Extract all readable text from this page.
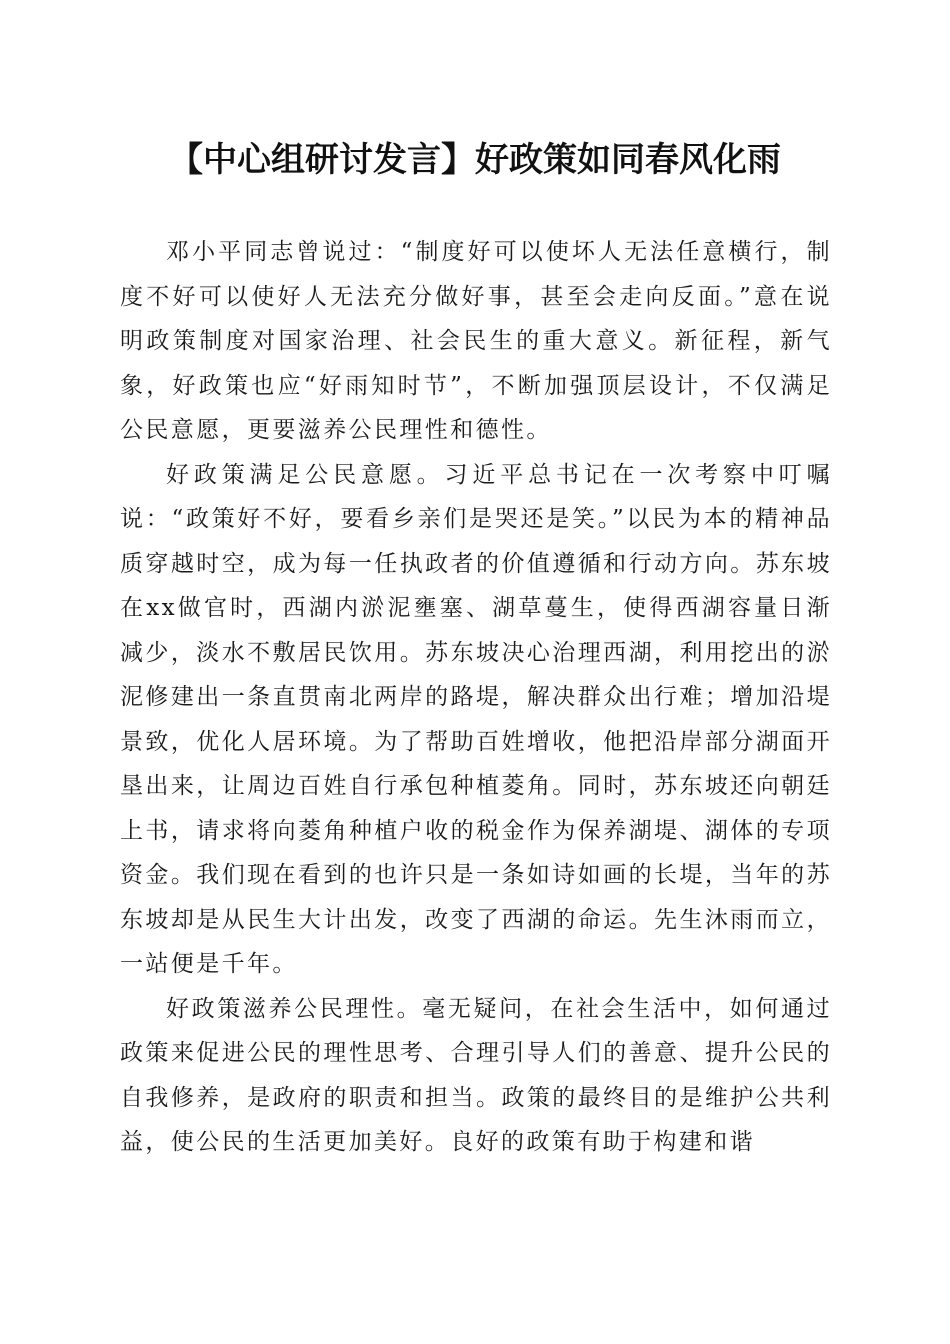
【中心组研讨发言】好政策如同春风化雨

邓小平同志曾说过：“制度好可以使坏人无法任意横行，制度不好可以使好人无法充分做好事，甚至会走向反面。”意在说明政策制度对国家治理、社会民生的重大意义。新征程，新气象，好政策也应“好雨知时节”，不断加强顶层设计，不仅满足公民意愿，更要滋养公民理性和德性。

好政策满足公民意愿。习近平总书记在一次考察中叮嘱说：“政策好不好，要看乡亲们是哭还是笑。”以民为本的精神品质穿越时空，成为每一任执政者的价值遵循和行动方向。苏东坡在xx做官时，西湖内淤泥壅塞、湖草蔓生，使得西湖容量日渐减少，淡水不敷居民饮用。苏东坡决心治理西湖，利用挖出的淤泥修建出一条直贯南北两岸的路堤，解决群众出行难；增加沿堤景致，优化人居环境。为了帮助百姓增收，他把沿岸部分湖面开垦出来，让周边百姓自行承包种植菱角。同时，苏东坡还向朝廷上书，请求将向菱角种植户收的税金作为保养湖堤、湖体的专项资金。我们现在看到的也许只是一条如诗如画的长堤，当年的苏东坡却是从民生大计出发，改变了西湖的命运。先生沐雨而立，一站便是千年。

好政策滋养公民理性。毫无疑问，在社会生活中，如何通过政策来促进公民的理性思考、合理引导人们的善意、提升公民的自我修养，是政府的职责和担当。政策的最终目的是维护公共利益，使公民的生活更加美好。良好的政策有助于构建和谐
